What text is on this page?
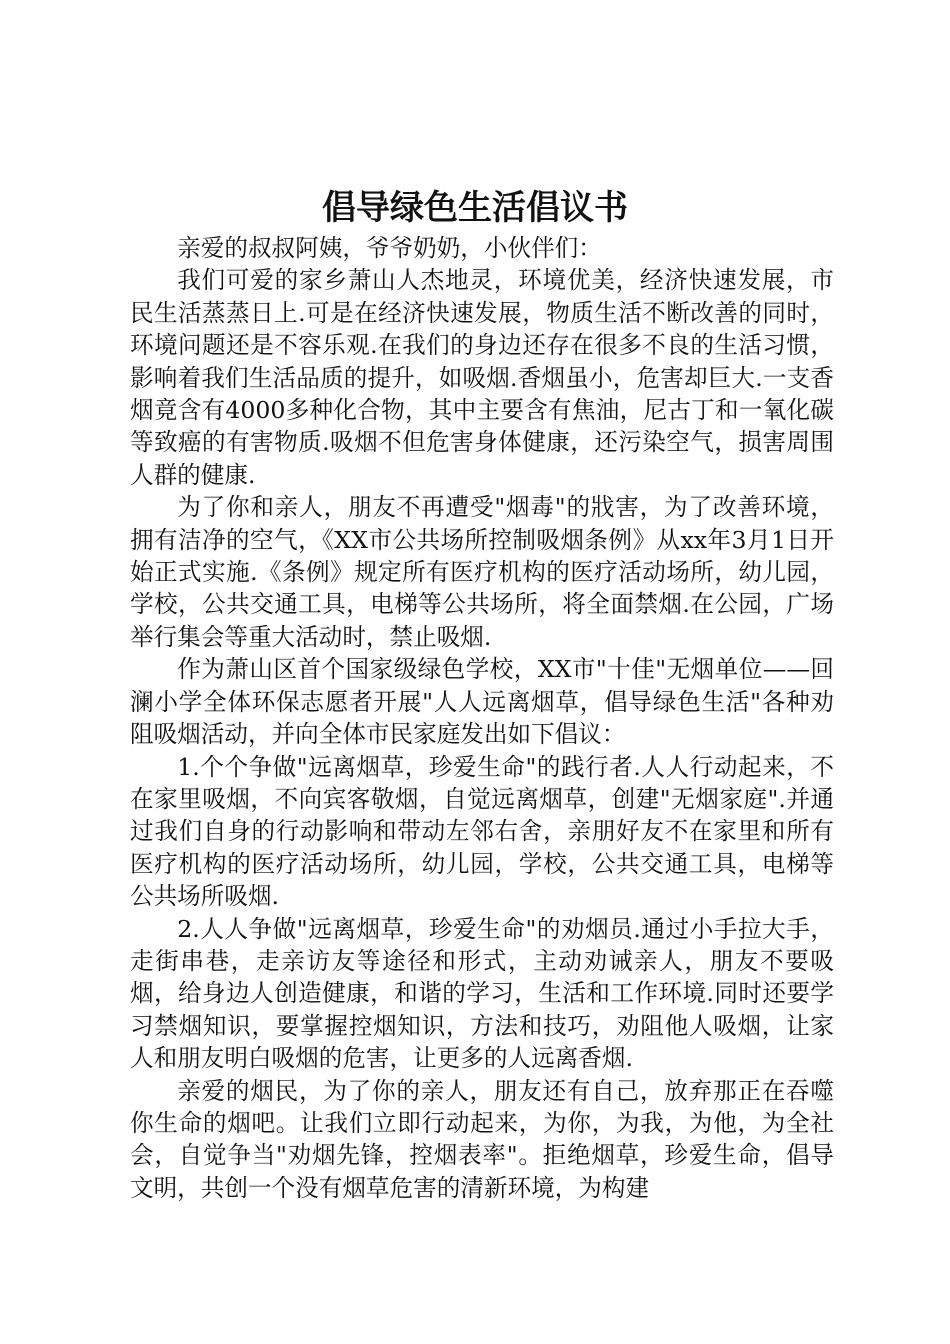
倡导绿色生活倡议书

亲爱的叔叔阿姨，爷爷奶奶，小伙伴们：

我们可爱的家乡萧山人杰地灵，环境优美，经济快速发展，市民生活蒸蒸日上.可是在经济快速发展，物质生活不断改善的同时，环境问题还是不容乐观.在我们的身边还存在很多不良的生活习惯，影响着我们生活品质的提升，如吸烟.香烟虽小，危害却巨大.一支香烟竟含有4000多种化合物，其中主要含有焦油，尼古丁和一氧化碳等致癌的有害物质.吸烟不但危害身体健康，还污染空气，损害周围人群的健康.

为了你和亲人，朋友不再遭受"烟毒"的戕害，为了改善环境，拥有洁净的空气，《XX市公共场所控制吸烟条例》从xx年3月1日开始正式实施.《条例》规定所有医疗机构的医疗活动场所，幼儿园，学校，公共交通工具，电梯等公共场所，将全面禁烟.在公园，广场举行集会等重大活动时，禁止吸烟.

作为萧山区首个国家级绿色学校，XX市"十佳"无烟单位——回澜小学全体环保志愿者开展"人人远离烟草，倡导绿色生活"各种劝阻吸烟活动，并向全体市民家庭发出如下倡议：

1.个个争做"远离烟草，珍爱生命"的践行者.人人行动起来，不在家里吸烟，不向宾客敬烟，自觉远离烟草，创建"无烟家庭".并通过我们自身的行动影响和带动左邻右舍，亲朋好友不在家里和所有医疗机构的医疗活动场所，幼儿园，学校，公共交通工具，电梯等公共场所吸烟.

2.人人争做"远离烟草，珍爱生命"的劝烟员.通过小手拉大手，走街串巷，走亲访友等途径和形式，主动劝诫亲人，朋友不要吸烟，给身边人创造健康，和谐的学习，生活和工作环境.同时还要学习禁烟知识，要掌握控烟知识，方法和技巧，劝阻他人吸烟，让家人和朋友明白吸烟的危害，让更多的人远离香烟.

亲爱的烟民，为了你的亲人，朋友还有自己，放弃那正在吞噬你生命的烟吧。让我们立即行动起来，为你，为我，为他，为全社会，自觉争当"劝烟先锋，控烟表率"。拒绝烟草，珍爱生命，倡导文明，共创一个没有烟草危害的清新环境，为构建
